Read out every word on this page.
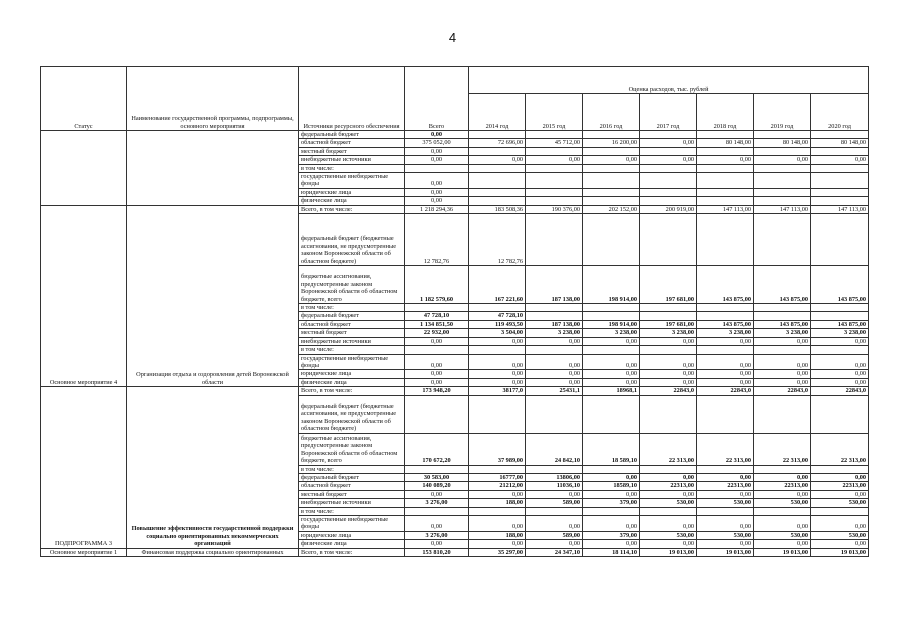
4
Статус	Наименование государственной программы, подпрограммы, основного мероприятия	Источники ресурсного обеспечения	Всего	Оценка расходов, тыс. рублей						
				2014 год	2015 год	2016 год	2017 год	2018 год	2019 год	2020 год
		федеральный бюджет	0,00							
		областной бюджет	375 052,00	72 696,00	45 712,00	16 200,00	0,00	80 148,00	80 148,00	80 148,00
		местный бюджет	0,00							
		внебюджетные источники	0,00	0,00	0,00	0,00	0,00	0,00	0,00	0,00
		в том числе:								
		государственные внебюджетные фонды	0,00							
		юридические лица	0,00							
		физические лица	0,00							
Основное мероприятие 4	Организация отдыха и оздоровления детей Воронежской области	Всего, в том числе:	1 218 294,36	183 508,36	190 376,00	202 152,00	200 919,00	147 113,00	147 113,00	147 113,00
		федеральный бюджет (бюджетные ассигнования, не предусмотренные законом Воронежской области об областном бюджете)	12 782,76	12 782,76						
		бюджетные ассигнования, предусмотренные законом Воронежской области об областном бюджете, всего	1 182 579,60	167 221,60	187 138,00	198 914,00	197 681,00	143 875,00	143 875,00	143 875,00
		в том числе:								
		федеральный бюджет	47 728,10	47 728,10						
		областной бюджет	1 134 851,50	119 493,50	187 138,00	198 914,00	197 681,00	143 875,00	143 875,00	143 875,00
		местный бюджет	22 932,00	3 504,00	3 238,00	3 238,00	3 238,00	3 238,00	3 238,00	3 238,00
		внебюджетные источники	0,00	0,00	0,00	0,00	0,00	0,00	0,00	0,00
		в том числе:								
		государственные внебюджетные фонды	0,00	0,00	0,00	0,00	0,00	0,00	0,00	0,00
		юридические лица	0,00	0,00	0,00	0,00	0,00	0,00	0,00	0,00
		физические лица	0,00	0,00	0,00	0,00	0,00	0,00	0,00	0,00
ПОДПРОГРАММА 3	Повышение эффективности государственной поддержки социально ориентированных некоммерческих организаций	Всего, в том числе:	173 948,20	38177,0	25431,1	18968,1	22843,0	22843,0	22843,0	22843,0
		федеральный бюджет (бюджетные ассигнования, не предусмотренные законом Воронежской области об областном бюджете)								
		бюджетные ассигнования, предусмотренные законом Воронежской области об областном бюджете, всего	170 672,20	37 989,00	24 842,10	18 589,10	22 313,00	22 313,00	22 313,00	22 313,00
		в том числе:								
		федеральный бюджет	30 583,00	16777,00	13806,00	0,00	0,00	0,00	0,00	0,00
		областной бюджет	140 089,20	21212,00	11036,10	18589,10	22313,00	22313,00	22313,00	22313,00
		местный бюджет	0,00	0,00	0,00	0,00	0,00	0,00	0,00	0,00
		внебюджетные источники	3 276,00	188,00	589,00	379,00	530,00	530,00	530,00	530,00
		в том числе:								
		государственные внебюджетные фонды	0,00	0,00	0,00	0,00	0,00	0,00	0,00	0,00
		юридические лица	3 276,00	188,00	589,00	379,00	530,00	530,00	530,00	530,00
		физические лица	0,00	0,00	0,00	0,00	0,00	0,00	0,00	0,00
Основное мероприятие 1	Финансовая поддержка социально ориентированных	Всего, в том числе:	153 810,20	35 297,00	24 347,10	18 114,10	19 013,00	19 013,00	19 013,00	19 013,00
